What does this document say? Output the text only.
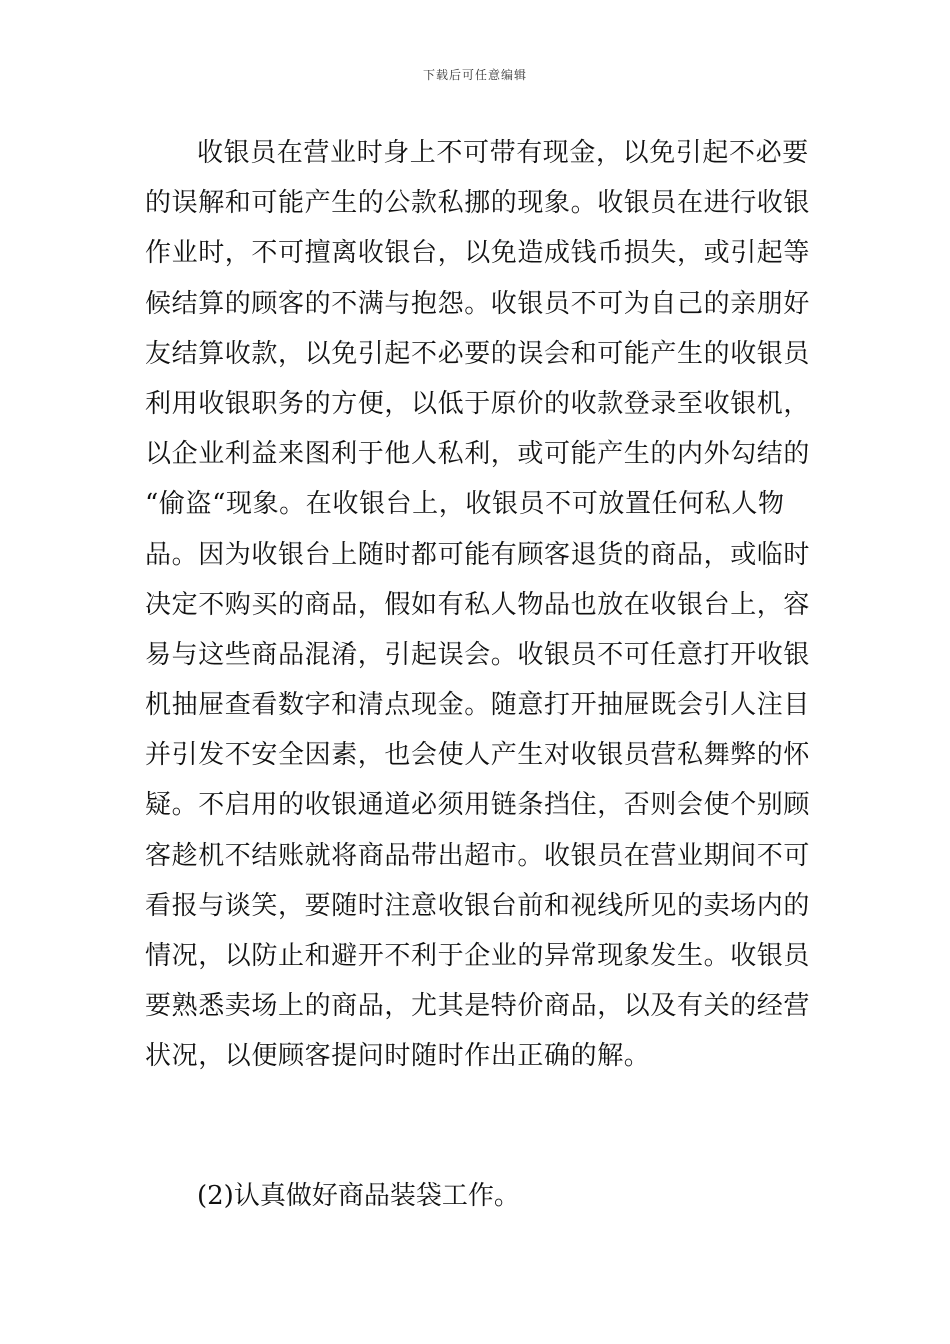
下载后可任意编辑
收银员在营业时身上不可带有现金，以免引起不必要
的误解和可能产生的公款私挪的现象。收银员在进行收银
作业时，不可擅离收银台，以免造成钱币损失，或引起等
候结算的顾客的不满与抱怨。收银员不可为自己的亲朋好
友结算收款，以免引起不必要的误会和可能产生的收银员
利用收银职务的方便，以低于原价的收款登录至收银机，
以企业利益来图利于他人私利，或可能产生的内外勾结的
“偷盗“现象。在收银台上，收银员不可放置任何私人物
品。因为收银台上随时都可能有顾客退货的商品，或临时
决定不购买的商品，假如有私人物品也放在收银台上，容
易与这些商品混淆，引起误会。收银员不可任意打开收银
机抽屉查看数字和清点现金。随意打开抽屉既会引人注目
并引发不安全因素，也会使人产生对收银员营私舞弊的怀
疑。不启用的收银通道必须用链条挡住，否则会使个别顾
客趁机不结账就将商品带出超市。收银员在营业期间不可
看报与谈笑，要随时注意收银台前和视线所见的卖场内的
情况，以防止和避开不利于企业的异常现象发生。收银员
要熟悉卖场上的商品，尤其是特价商品，以及有关的经营
状况，以便顾客提问时随时作出正确的解。
(2)认真做好商品装袋工作。
